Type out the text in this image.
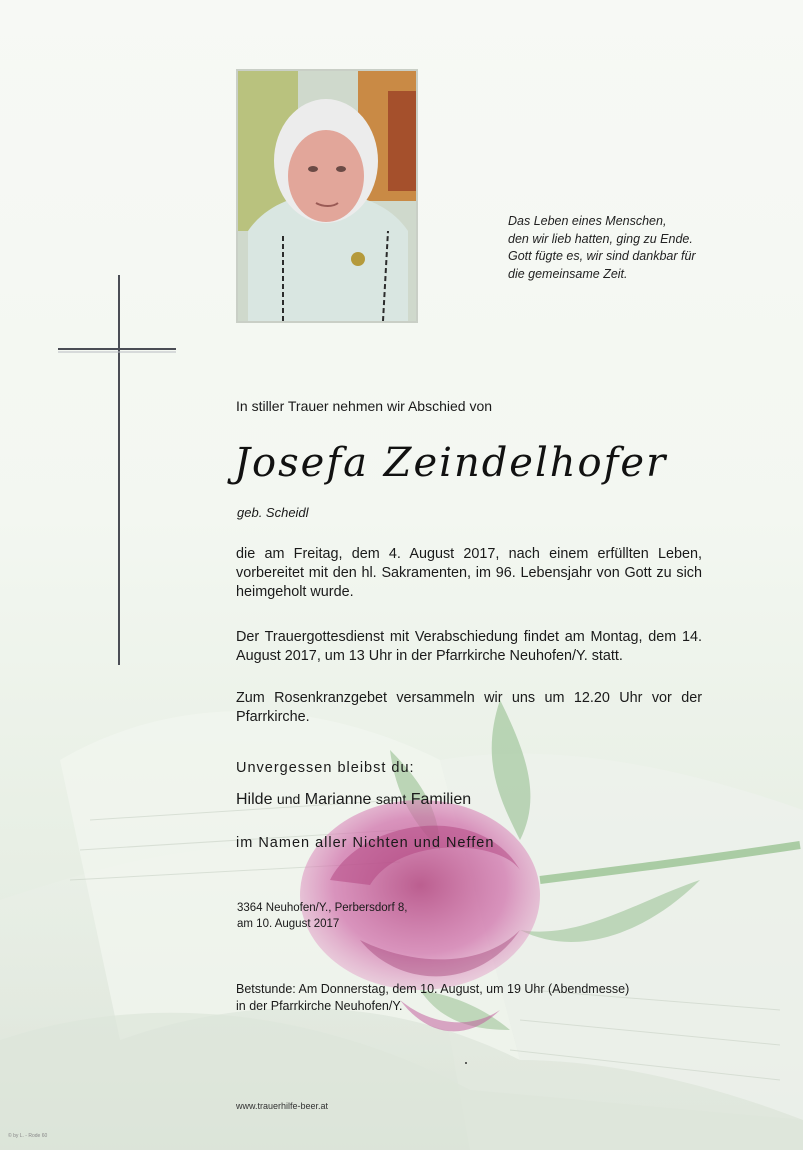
Das Leben eines Menschen,
den wir lieb hatten, ging zu Ende.
Gott fügte es, wir sind dankbar für
die gemeinsame Zeit.
In stiller Trauer nehmen wir Abschied von
Josefa Zeindelhofer
geb. Scheidl
die am Freitag, dem 4. August 2017, nach einem erfüllten Leben, vorbereitet mit den hl. Sakramenten, im 96. Lebensjahr von Gott zu sich heimgeholt wurde.
Der Trauergottesdienst mit Verabschiedung findet am Montag, dem 14. August 2017, um 13 Uhr in der Pfarrkirche Neuhofen/Y. statt.
Zum Rosenkranzgebet versammeln wir uns um 12.20 Uhr vor der Pfarrkirche.
Unvergessen bleibst du:
Hilde und Marianne samt Familien
im Namen aller Nichten und Neffen
3364 Neuhofen/Y., Perbersdorf 8,
am 10. August 2017
Betstunde: Am Donnerstag, dem 10. August, um 19 Uhr (Abendmesse)
in der Pfarrkirche Neuhofen/Y.
www.trauerhilfe-beer.at
© by L. - Rode 60
